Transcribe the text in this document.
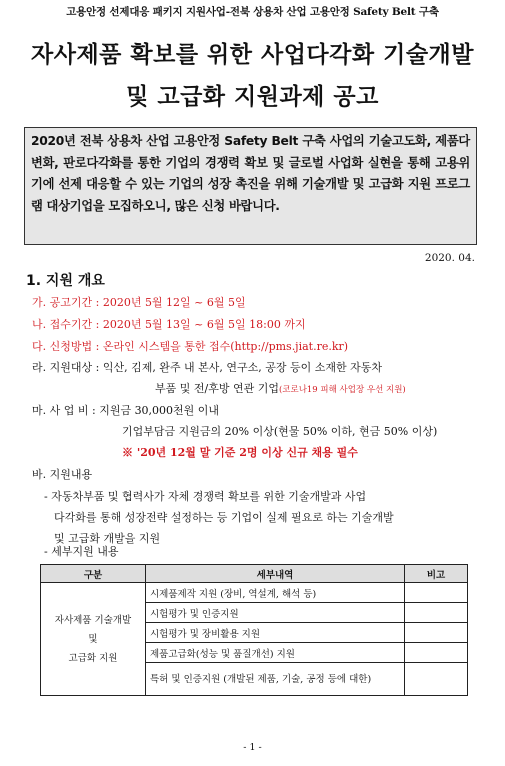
고용안정 선제대응 패키지 지원사업-전북 상용차 산업 고용안정 Safety Belt 구축
자사제품 확보를 위한 사업다각화 기술개발
및 고급화 지원과제 공고
2020년 전북 상용차 산업 고용안정 Safety Belt 구축 사업의 기술고도화, 제품다변화, 판로다각화를 통한 기업의 경쟁력 확보 및 글로벌 사업화 실현을 통해 고용위기에 선제 대응할 수 있는 기업의 성장 촉진을 위해 기술개발 및 고급화 지원 프로그램 대상기업을 모집하오니, 많은 신청 바랍니다.
2020. 04.
1. 지원 개요
가. 공고기간 : 2020년 5월 12일 ~ 6월 5일
나. 접수기간 : 2020년 5월 13일 ~ 6월 5일 18:00 까지
다. 신청방법 : 온라인 시스템을 통한 접수(http://pms.jiat.re.kr)
라. 지원대상 : 익산, 김제, 완주 내 본사, 연구소, 공장 등이 소재한 자동차
부품 및 전/후방 연관 기업(코로나19 피해 사업장 우선 지원)
마. 사 업 비 : 지원금 30,000천원 이내
기업부담금 지원금의 20% 이상(현물 50% 이하, 현금 50% 이상)
※ '20년 12월 말 기준 2명 이상 신규 채용 필수
바. 지원내용
- 자동차부품 및 협력사가 자체 경쟁력 확보를 위한 기술개발과 사업
다각화를 통해 성장전략 설정하는 등 기업이 실제 필요로 하는 기술개발
및 고급화 개발을 지원
- 세부지원 내용
구분	세부내역	비고

자사제품 기술개발
및
고급화 지원	시제품제작 지원 (장비, 역설계, 해석 등)	
	시험평가 및 인증지원	
	시험평가 및 장비활용 지원	
	제품고급화(성능 및 품질개선) 지원	
	특허 및 인증지원 (개발된 제품, 기술, 공정 등에 대한)	
- 1 -
